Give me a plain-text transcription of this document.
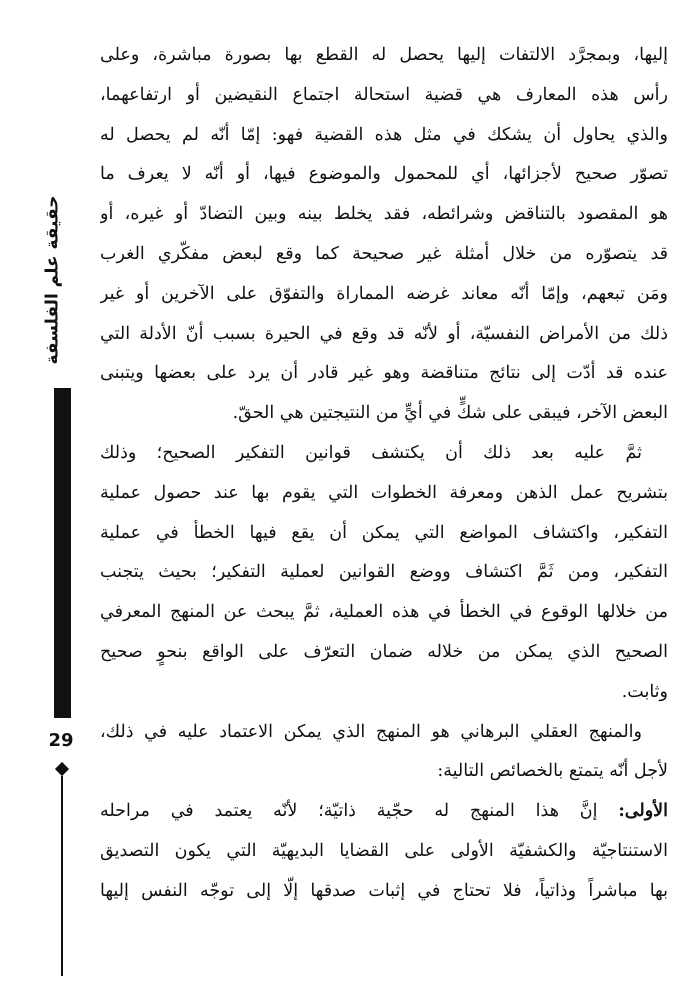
حقيقة علم الفلسفة
29
إليها، وبمجرَّد الالتفات إليها يحصل له القطع بها بصورة مباشرة، وعلى
رأس هذه المعارف هي قضية استحالة اجتماع النقيضين أو ارتفاعهما،
والذي يحاول أن يشكك في مثل هذه القضية فهو: إمّا أنّه لم يحصل له
تصوّر صحيح لأجزائها، أي للمحمول والموضوع فيها، أو أنّه لا يعرف ما
هو المقصود بالتناقض وشرائطه، فقد يخلط بينه وبين التضادّ أو غيره، أو
قد يتصوّره من خلال أمثلة غير صحيحة كما وقع لبعض مفكّري الغرب
ومَن تبعهم، وإمّا أنّه معاند غرضه المماراة والتفوّق على الآخرين أو غير
ذلك من الأمراض النفسيّة، أو لأنّه قد وقع في الحيرة بسبب أنّ الأدلة التي
عنده قد أدّت إلى نتائج متناقضة وهو غير قادر أن يرد على بعضها ويتبنى
البعض الآخر، فيبقى على شكٍّ في أيٍّ من النتيجتين هي الحقّ.
ثمَّ عليه بعد ذلك أن يكتشف قوانين التفكير الصحيح؛ وذلك
بتشريح عمل الذهن ومعرفة الخطوات التي يقوم بها عند حصول عملية
التفكير، واكتشاف المواضع التي يمكن أن يقع فيها الخطأ في عملية
التفكير، ومن ثَمَّ اكتشاف ووضع القوانين لعملية التفكير؛ بحيث يتجنب
من خلالها الوقوع في الخطأ في هذه العملية، ثمَّ يبحث عن المنهج المعرفي
الصحيح الذي يمكن من خلاله ضمان التعرّف على الواقع بنحوٍ صحيح
وثابت.
والمنهج العقلي البرهاني هو المنهج الذي يمكن الاعتماد عليه في ذلك،
لأجل أنّه يتمتع بالخصائص التالية:
الأولى: إنَّ هذا المنهج له حجّية ذاتيّة؛ لأنّه يعتمد في مراحله
الاستنتاجيّة والكشفيّة الأولى على القضايا البديهيّة التي يكون التصديق
بها مباشراً وذاتياً، فلا تحتاج في إثبات صدقها إلّا إلى توجّه النفس إليها
